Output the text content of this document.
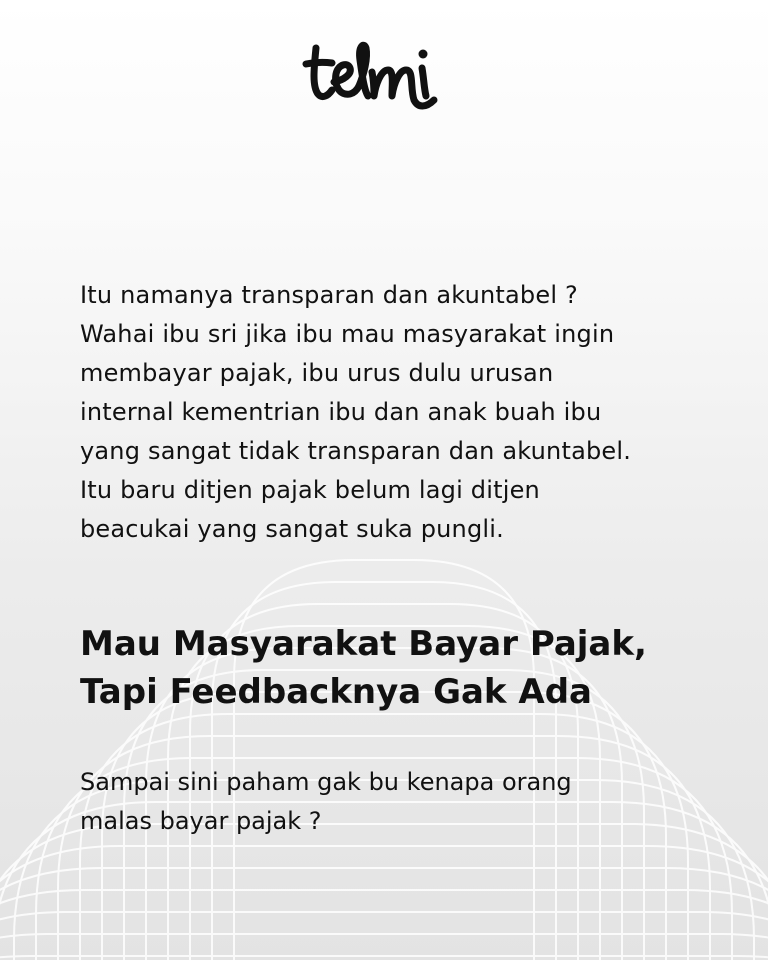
Itu namanya transparan dan akuntabel ?
Wahai ibu sri jika ibu mau masyarakat ingin
membayar pajak, ibu urus dulu urusan
internal kementrian ibu dan anak buah ibu
yang sangat tidak transparan dan akuntabel.
Itu baru ditjen pajak belum lagi ditjen
beacukai yang sangat suka pungli.

Mau Masyarakat Bayar Pajak,
Tapi Feedbacknya Gak Ada

Sampai sini paham gak bu kenapa orang
malas bayar pajak ?
